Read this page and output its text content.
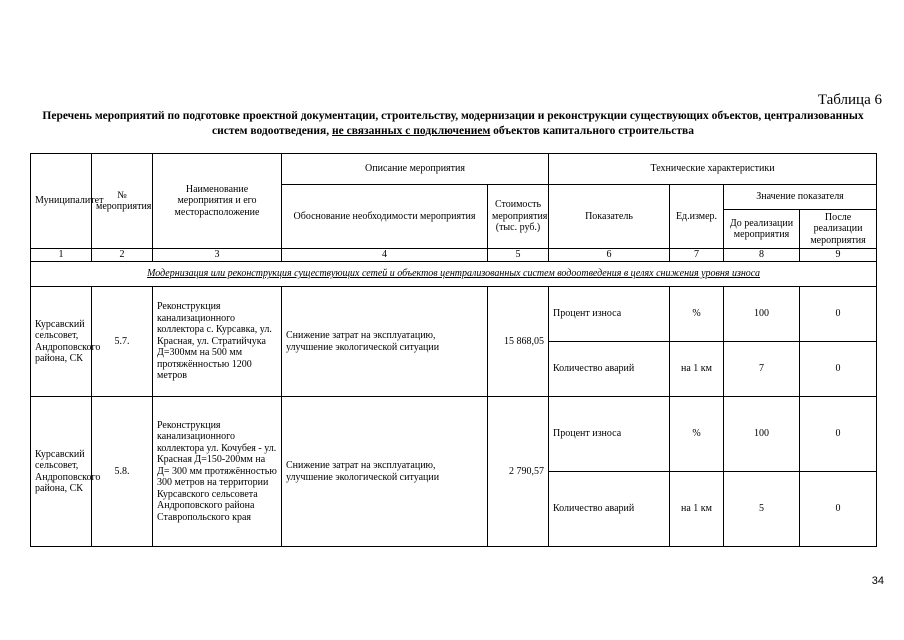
Таблица 6
Перечень мероприятий по подготовке проектной документации, строительству, модернизации и реконструкции существующих объектов, централизованных систем водоотведения, не связанных с подключением объектов капитального строительства
Муниципалитет	№ мероприятия	Наименование мероприятия и его месторасположение	Описание мероприятия		Технические характеристики			
			Обоснование необходимости мероприятия	Стоимость мероприятия (тыс. руб.)	Показатель	Ед.измер.	Значение показателя	
							До реализации мероприятия	После реализации мероприятия
1	2	3	4	5	6	7	8	9
Модернизация или реконструкция существующих сетей и объектов централизованных систем водоотведения в целях снижения уровня износа								
Курсавский сельсовет, Андроповского района, СК	5.7.	Реконструкция канализационного коллектора с. Курсавка, ул. Красная, ул. Стратийчука Д=300мм на 500 мм протяжённостью 1200 метров	Снижение затрат на эксплуатацию, улучшение экологической ситуации	15 868,05	Процент износа	%	100	0
					Количество аварий	на 1 км	7	0
Курсавский сельсовет, Андроповского района, СК	5.8.	Реконструкция канализационного коллектора ул. Кочубея - ул. Красная Д=150-200мм на Д= 300 мм протяжённостью 300 метров на территории Курсавского сельсовета Андроповского района Ставропольского края	Снижение затрат на эксплуатацию, улучшение экологической ситуации	2 790,57	Процент износа	%	100	0
					Количество аварий	на 1 км	5	0
34
